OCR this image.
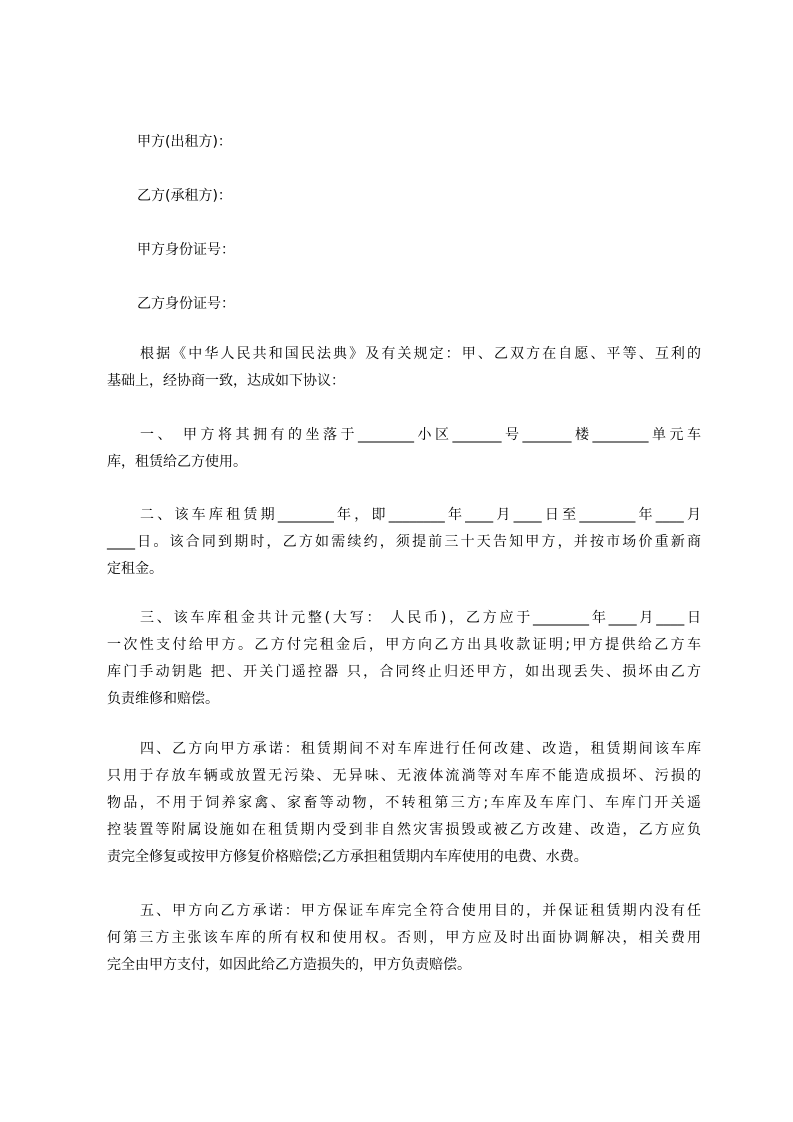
甲方(出租方)：
乙方(承租方)：
甲方身份证号：
乙方身份证号：
根据《中华人民共和国民法典》及有关规定：甲、乙双方在自愿、平等、互利的
基础上，经协商一致，达成如下协议：
一、 甲方将其拥有的坐落于________小区_______号_______楼________单元车
库，租赁给乙方使用。
二、该车库租赁期________年，即________年____月____日至________年____月
____日。该合同到期时，乙方如需续约，须提前三十天告知甲方，并按市场价重新商
定租金。
三、该车库租金共计元整(大写： 人民币)，乙方应于________年____月____日
一次性支付给甲方。乙方付完租金后，甲方向乙方出具收款证明;甲方提供给乙方车
库门手动钥匙 把、开关门遥控器 只，合同终止归还甲方，如出现丢失、损坏由乙方
负责维修和赔偿。
四、乙方向甲方承诺：租赁期间不对车库进行任何改建、改造，租赁期间该车库
只用于存放车辆或放置无污染、无异味、无液体流淌等对车库不能造成损坏、污损的
物品，不用于饲养家禽、家畜等动物，不转租第三方;车库及车库门、车库门开关遥
控装置等附属设施如在租赁期内受到非自然灾害损毁或被乙方改建、改造，乙方应负
责完全修复或按甲方修复价格赔偿;乙方承担租赁期内车库使用的电费、水费。
五、甲方向乙方承诺：甲方保证车库完全符合使用目的，并保证租赁期内没有任
何第三方主张该车库的所有权和使用权。否则，甲方应及时出面协调解决，相关费用
完全由甲方支付，如因此给乙方造损失的，甲方负责赔偿。
